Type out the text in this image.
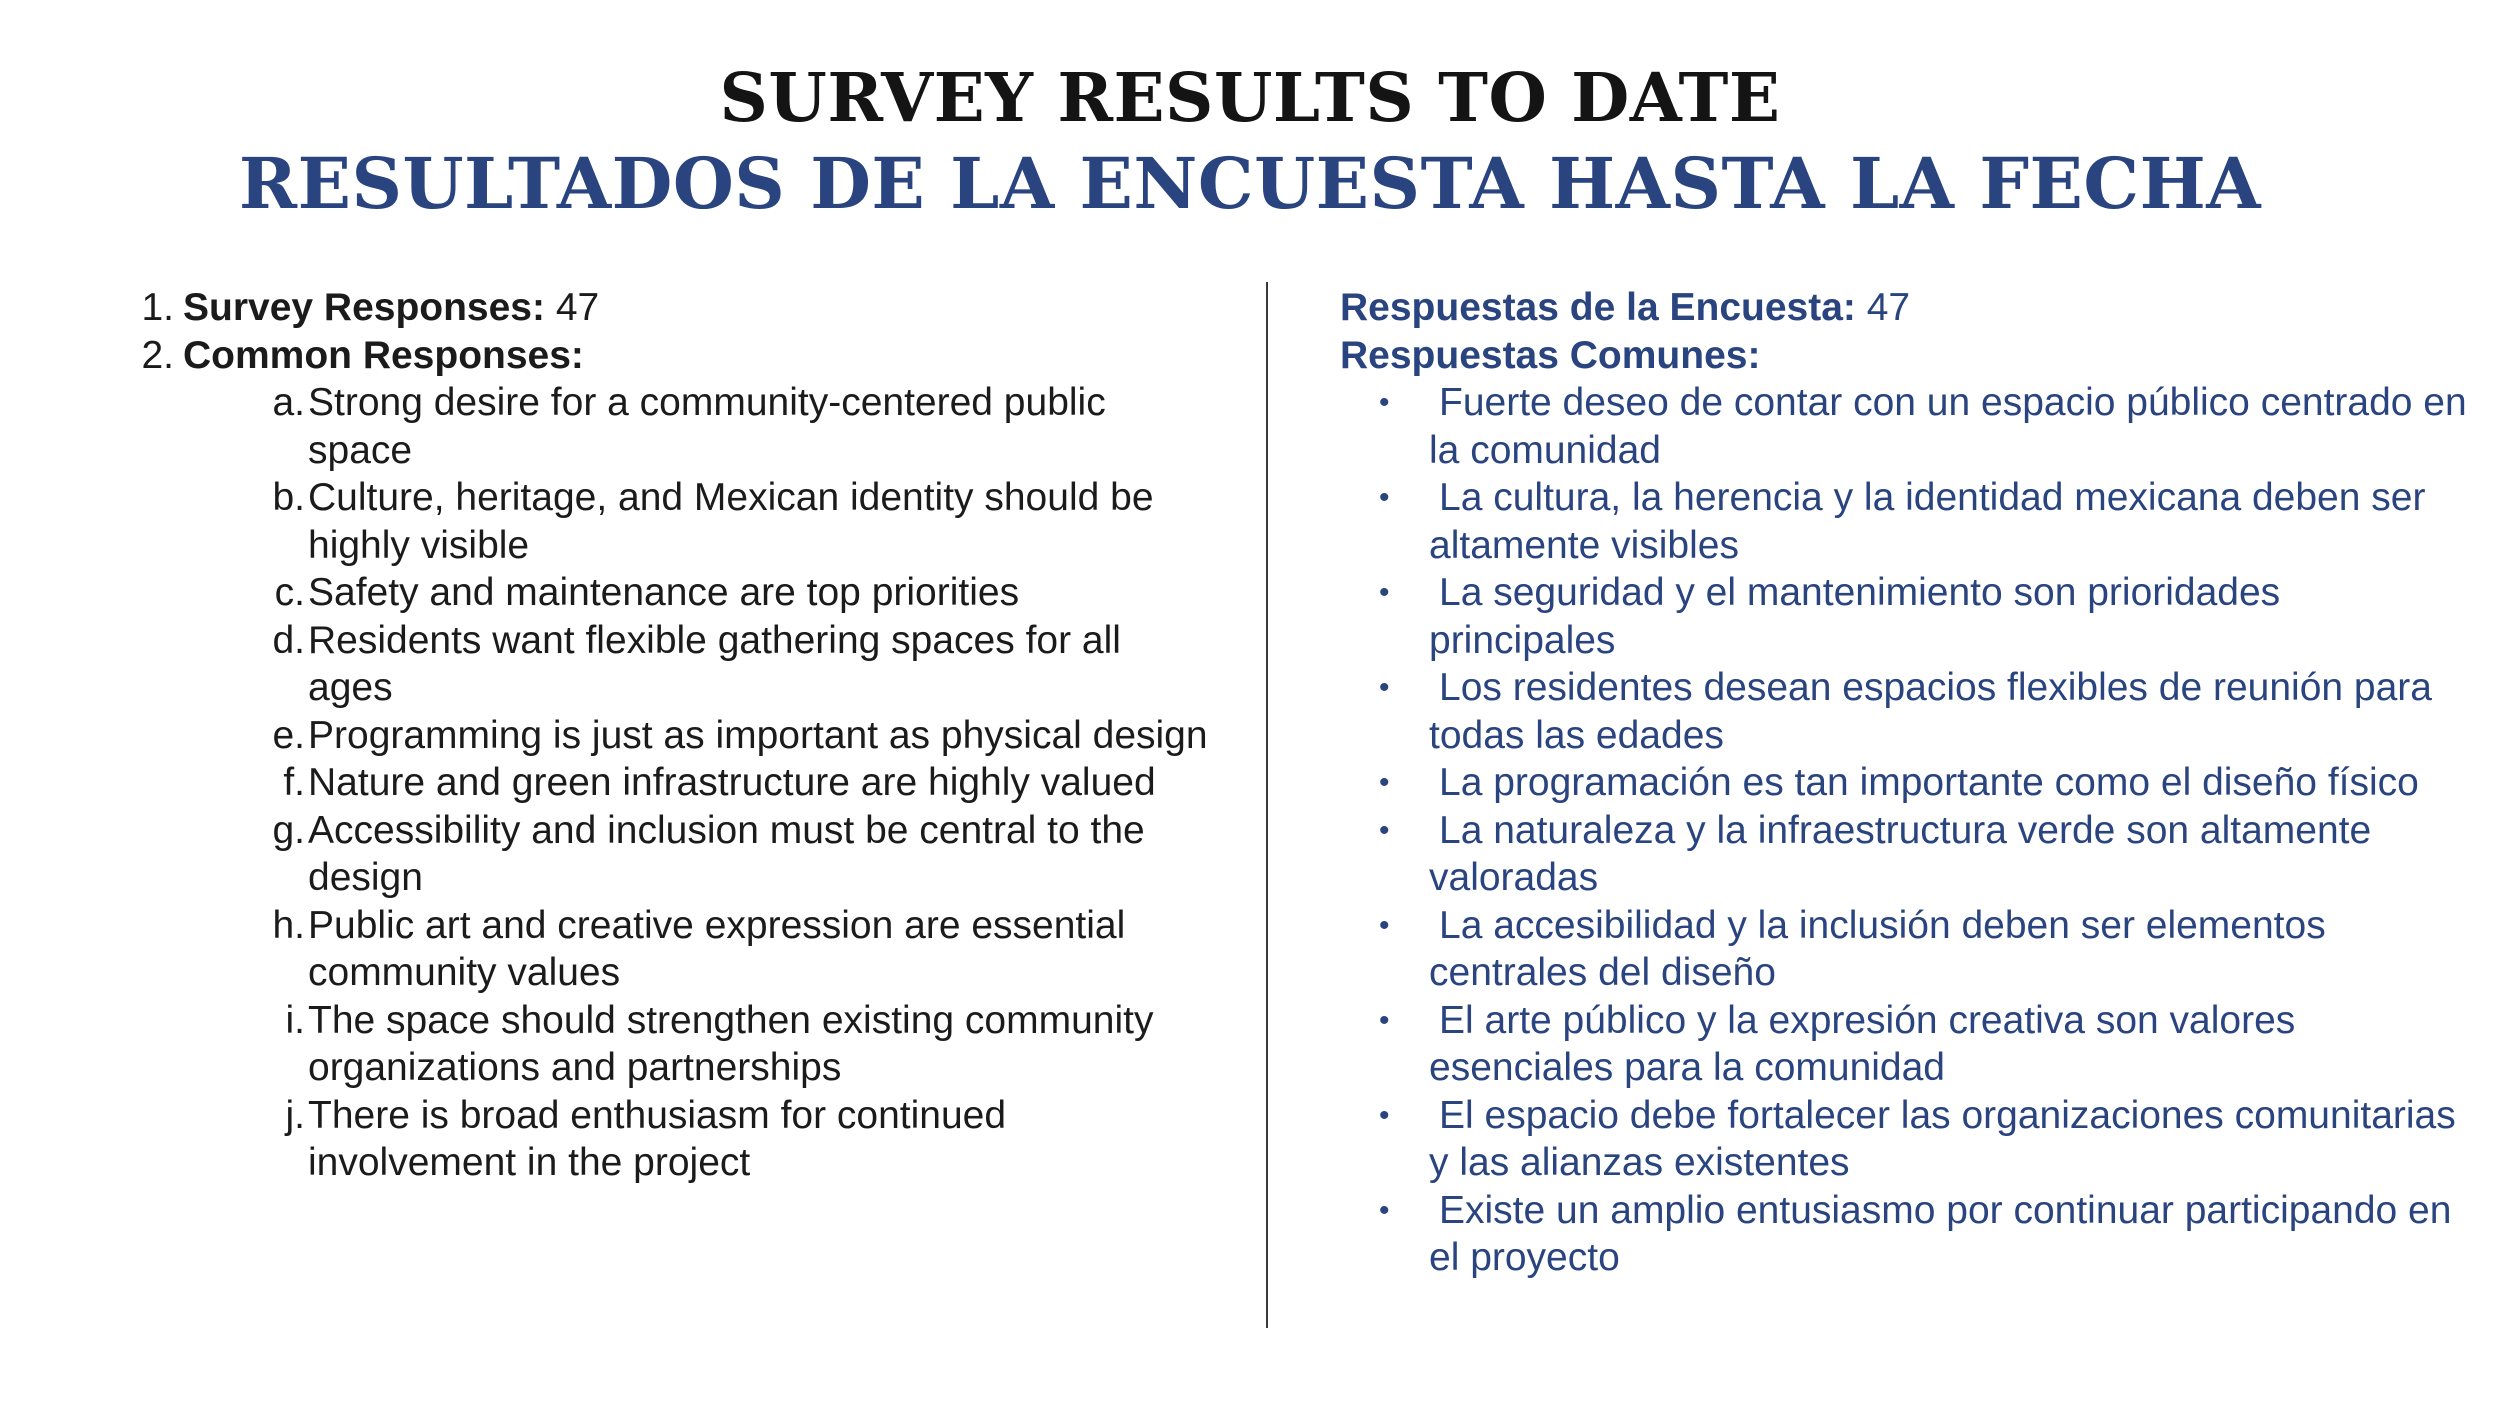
SURVEY RESULTS TO DATE
RESULTADOS DE LA ENCUESTA HASTA LA FECHA
1. Survey Responses: 47
2. Common Responses:
a. Strong desire for a community-centered public space
b. Culture, heritage, and Mexican identity should be highly visible
c. Safety and maintenance are top priorities
d. Residents want flexible gathering spaces for all ages
e. Programming is just as important as physical design
f. Nature and green infrastructure are highly valued
g. Accessibility and inclusion must be central to the design
h. Public art and creative expression are essential community values
i. The space should strengthen existing community organizations and partnerships
j. There is broad enthusiasm for continued involvement in the project
Respuestas de la Encuesta: 47
Respuestas Comunes:
• Fuerte deseo de contar con un espacio público centrado en la comunidad
• La cultura, la herencia y la identidad mexicana deben ser altamente visibles
• La seguridad y el mantenimiento son prioridades principales
• Los residentes desean espacios flexibles de reunión para todas las edades
• La programación es tan importante como el diseño físico
• La naturaleza y la infraestructura verde son altamente valoradas
• La accesibilidad y la inclusión deben ser elementos centrales del diseño
• El arte público y la expresión creativa son valores esenciales para la comunidad
• El espacio debe fortalecer las organizaciones comunitarias y las alianzas existentes
• Existe un amplio entusiasmo por continuar participando en el proyecto
